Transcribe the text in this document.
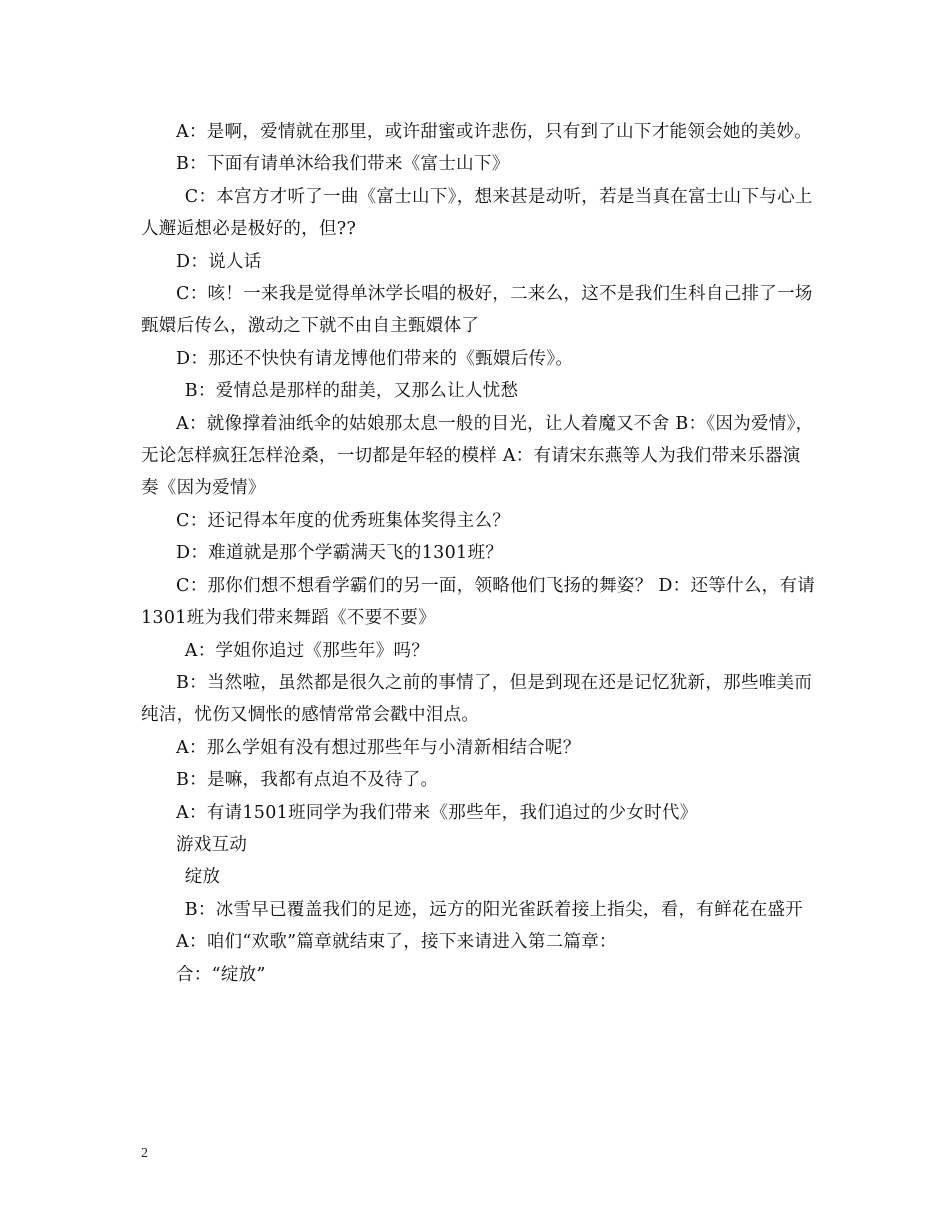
A：是啊，爱情就在那里，或许甜蜜或许悲伤，只有到了山下才能领会她的美妙。

B：下面有请单沐给我们带来《富士山下》

C：本宫方才听了一曲《富士山下》，想来甚是动听，若是当真在富士山下与心上人邂逅想必是极好的，但??

D：说人话

C：咳！一来我是觉得单沐学长唱的极好，二来么，这不是我们生科自己排了一场甄嬛后传么，激动之下就不由自主甄嬛体了

D：那还不快快有请龙博他们带来的《甄嬛后传》。

B：爱情总是那样的甜美，又那么让人忧愁

A：就像撑着油纸伞的姑娘那太息一般的目光，让人着魔又不舍 B：《因为爱情》，无论怎样疯狂怎样沧桑，一切都是年轻的模样 A：有请宋东燕等人为我们带来乐器演奏《因为爱情》

C：还记得本年度的优秀班集体奖得主么？

D：难道就是那个学霸满天飞的1301班？

C：那你们想不想看学霸们的另一面，领略他们飞扬的舞姿？ D：还等什么，有请1301班为我们带来舞蹈《不要不要》

A：学姐你追过《那些年》吗？

B：当然啦，虽然都是很久之前的事情了，但是到现在还是记忆犹新，那些唯美而纯洁，忧伤又惆怅的感情常常会戳中泪点。

A：那么学姐有没有想过那些年与小清新相结合呢？

B：是嘛，我都有点迫不及待了。

A：有请1501班同学为我们带来《那些年，我们追过的少女时代》

游戏互动

绽放

B：冰雪早已覆盖我们的足迹，远方的阳光雀跃着接上指尖，看，有鲜花在盛开

A：咱们“欢歌”篇章就结束了，接下来请进入第二篇章：

合：“绽放”

2
